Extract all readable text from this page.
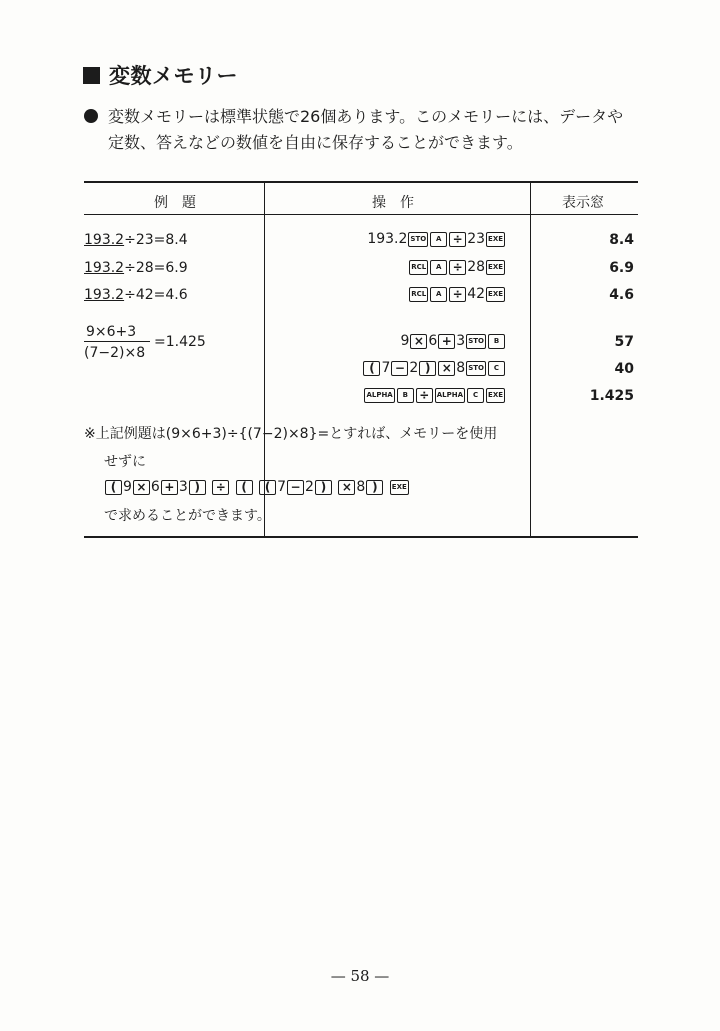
変数メモリー
変数メモリーは標準状態で26個あります。このメモリーには、データや
定数、答えなどの数値を自由に保存することができます。
例　題	操　作	表示窓
193.2÷23=8.4	193.2 STO A ÷ 23 EXE	8.4
193.2÷28=6.9	RCL A ÷ 28 EXE	6.9
193.2÷42=4.6	RCL A ÷ 42 EXE	4.6
9×6+3
(7−2)×8
=1.425	9 × 6 + 3 STO B	57
( 7 − 2 ) × 8 STO C	40
ALPHA B ÷ ALPHA C EXE	1.425
※上記例題は(9×6+3)÷{(7−2)×8}=とすれば、メモリーを使用
せずに
( 9 × 6 + 3 ) ÷ ( ( 7 − 2 ) × 8 ) EXE
で求めることができます。
— 58 —
